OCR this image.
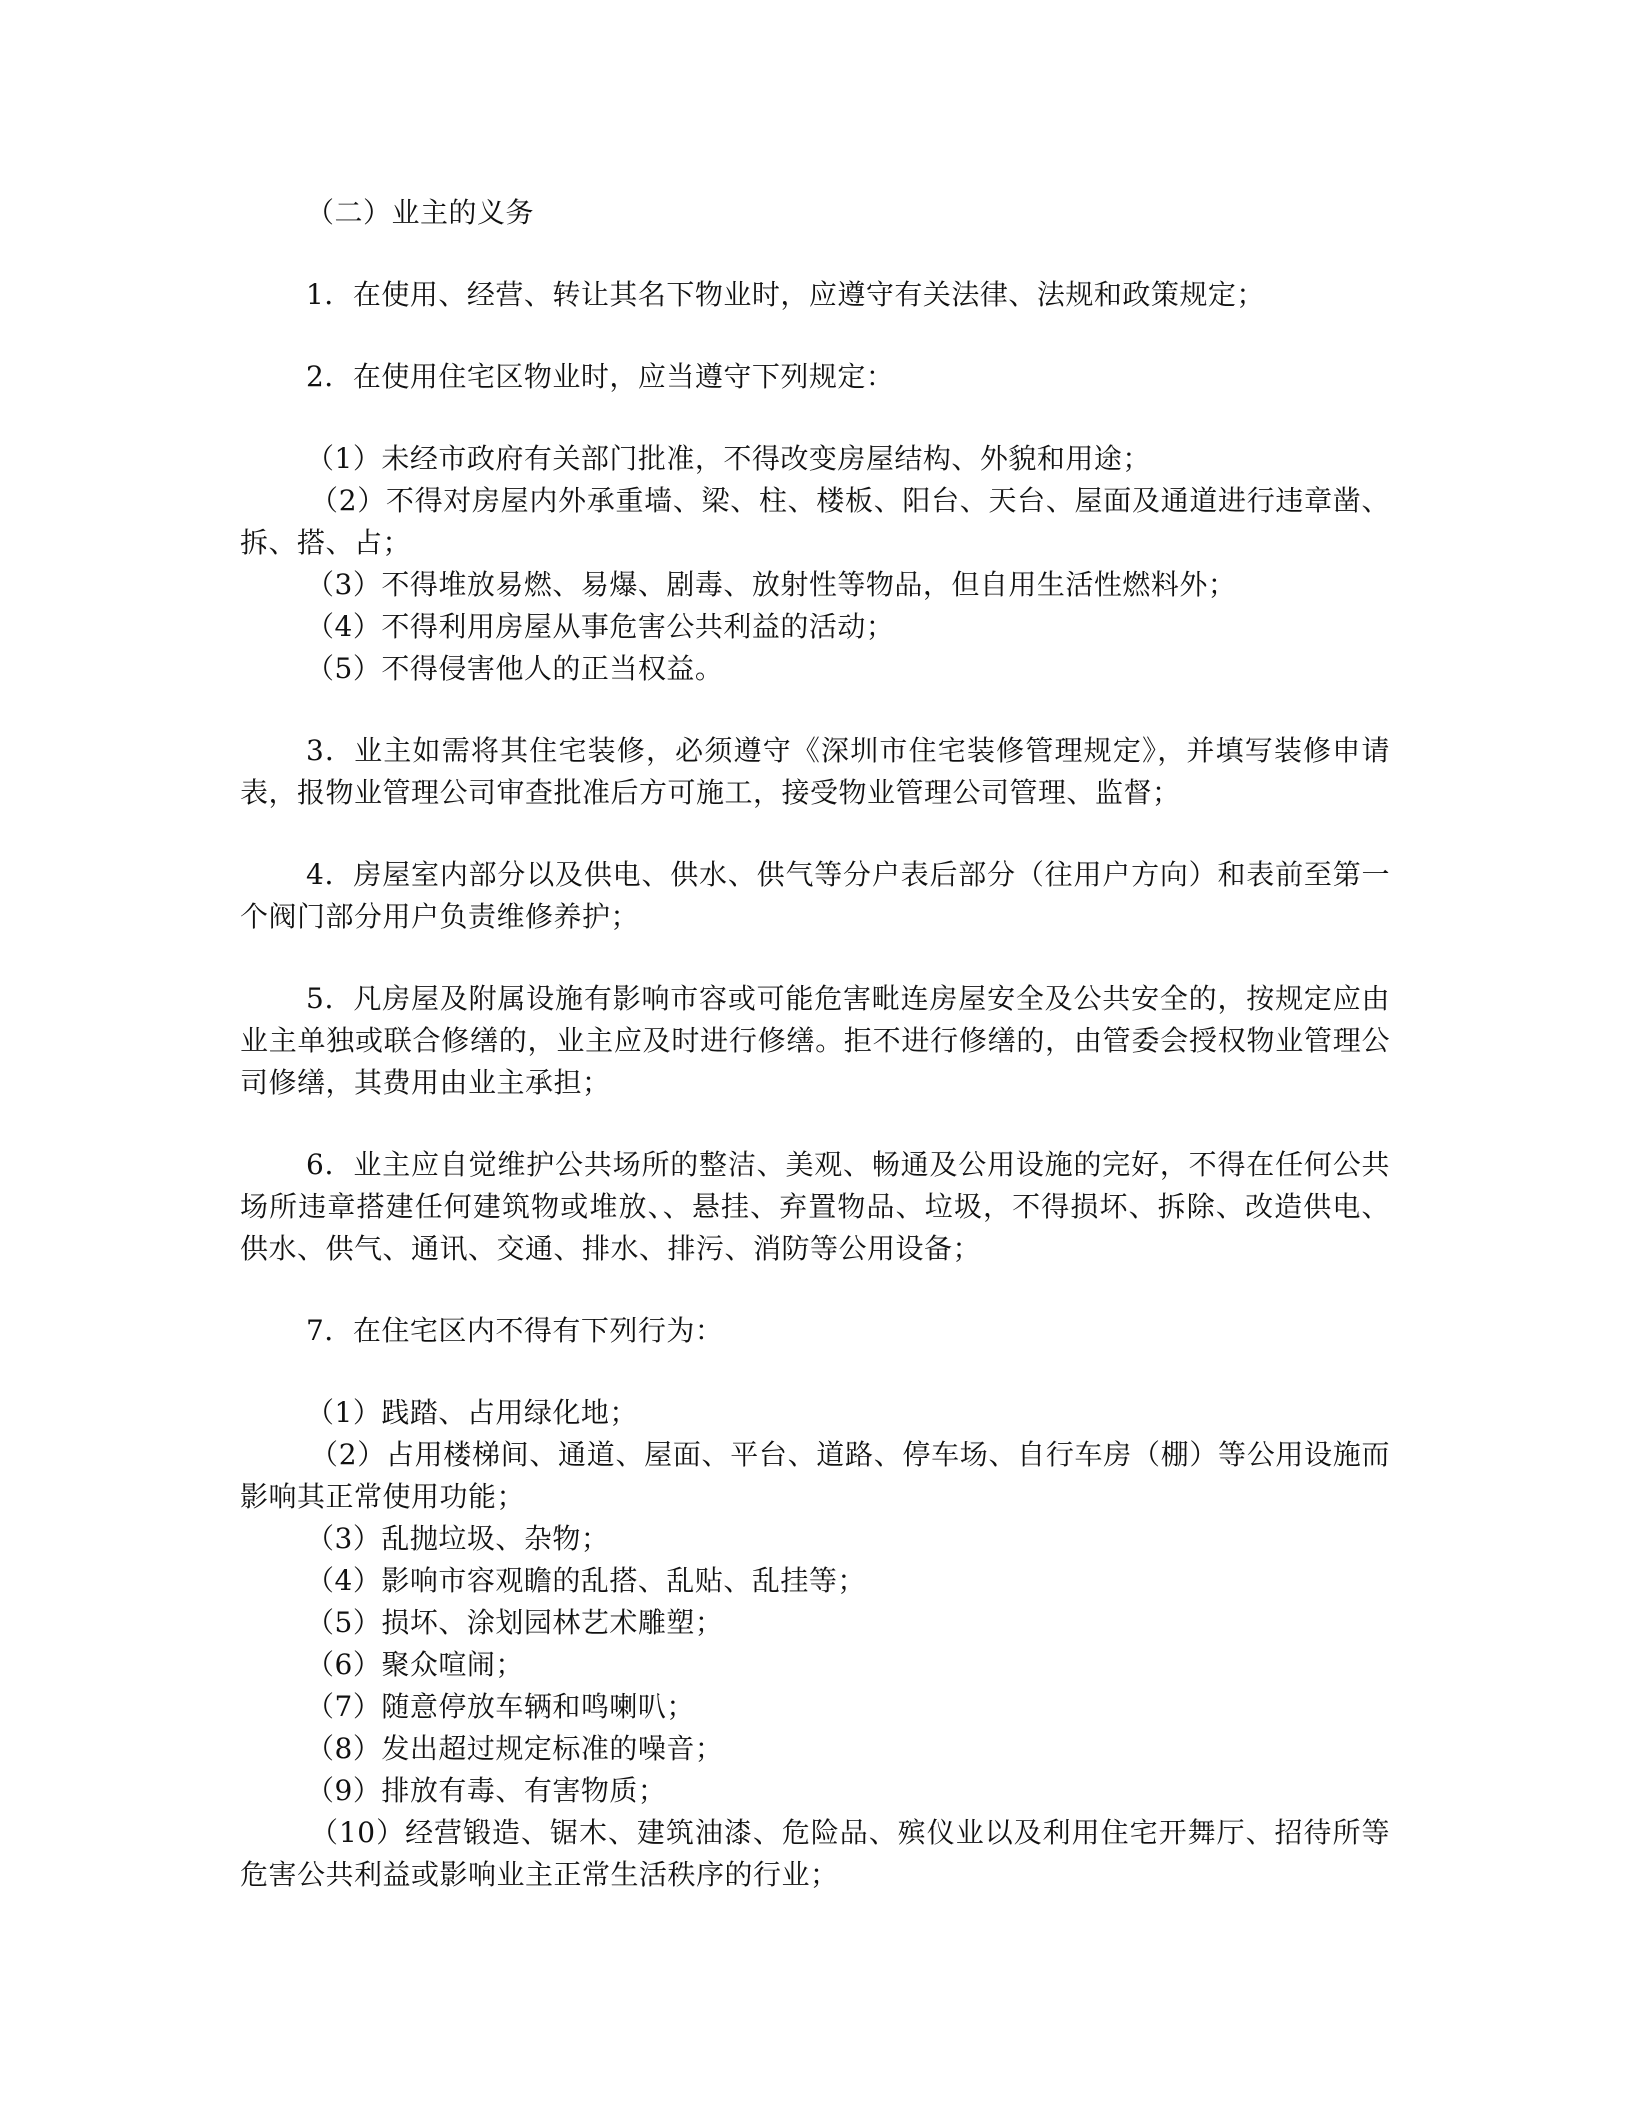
（二）业主的义务

1．在使用、经营、转让其名下物业时，应遵守有关法律、法规和政策规定；

2．在使用住宅区物业时，应当遵守下列规定：

（1）未经市政府有关部门批准，不得改变房屋结构、外貌和用途；

（2）不得对房屋内外承重墙、梁、柱、楼板、阳台、天台、屋面及通道进行违章凿、拆、搭、占；

（3）不得堆放易燃、易爆、剧毒、放射性等物品，但自用生活性燃料外；

（4）不得利用房屋从事危害公共利益的活动；

（5）不得侵害他人的正当权益。

3．业主如需将其住宅装修，必须遵守《深圳市住宅装修管理规定》，并填写装修申请表，报物业管理公司审查批准后方可施工，接受物业管理公司管理、监督；

4．房屋室内部分以及供电、供水、供气等分户表后部分（往用户方向）和表前至第一个阀门部分用户负责维修养护；

5．凡房屋及附属设施有影响市容或可能危害毗连房屋安全及公共安全的，按规定应由业主单独或联合修缮的，业主应及时进行修缮。拒不进行修缮的，由管委会授权物业管理公司修缮，其费用由业主承担；

6．业主应自觉维护公共场所的整洁、美观、畅通及公用设施的完好，不得在任何公共场所违章搭建任何建筑物或堆放、、悬挂、弃置物品、垃圾，不得损坏、拆除、改造供电、供水、供气、通讯、交通、排水、排污、消防等公用设备；

7．在住宅区内不得有下列行为：

（1）践踏、占用绿化地；

（2）占用楼梯间、通道、屋面、平台、道路、停车场、自行车房（棚）等公用设施而影响其正常使用功能；

（3）乱抛垃圾、杂物；

（4）影响市容观瞻的乱搭、乱贴、乱挂等；

（5）损坏、涂划园林艺术雕塑；

（6）聚众喧闹；

（7）随意停放车辆和鸣喇叭；

（8）发出超过规定标准的噪音；

（9）排放有毒、有害物质；

（10）经营锻造、锯木、建筑油漆、危险品、殡仪业以及利用住宅开舞厅、招待所等危害公共利益或影响业主正常生活秩序的行业；
